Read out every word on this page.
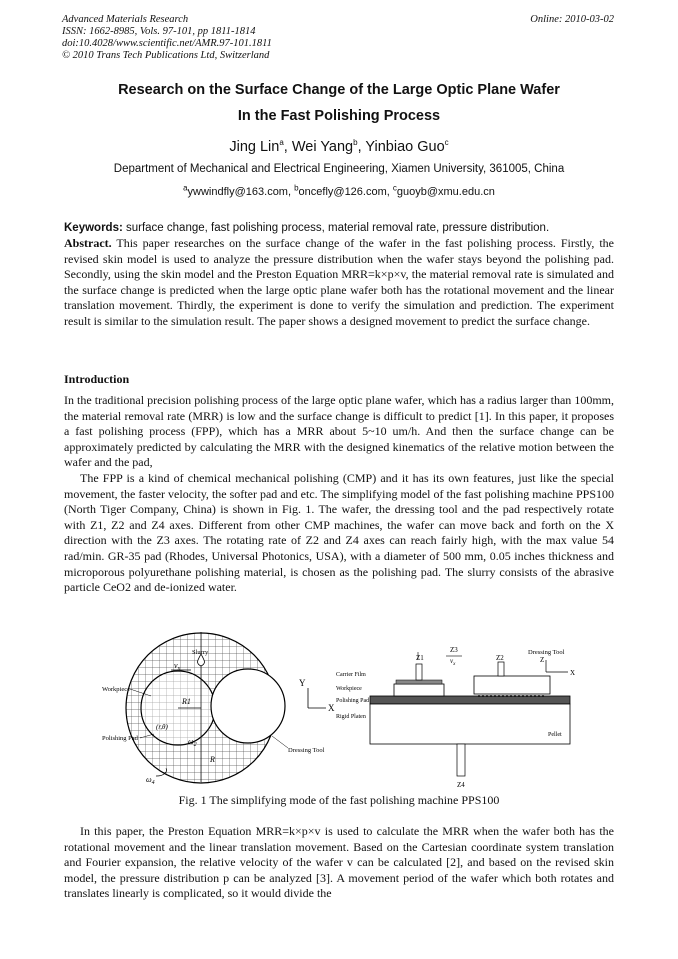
Advanced Materials Research
ISSN: 1662-8985, Vols. 97-101, pp 1811-1814
doi:10.4028/www.scientific.net/AMR.97-101.1811
© 2010 Trans Tech Publications Ltd, Switzerland
Online: 2010-03-02
Research on the Surface Change of the Large Optic Plane Wafer
In the Fast Polishing Process
Jing Lin$^a$, Wei Yang$^b$, Yinbiao Guo$^c$
Department of Mechanical and Electrical Engineering, Xiamen University, 361005, China
$^a$ywwindfly@163.com, $^b$oncefly@126.com, $^c$guoyb@xmu.edu.cn
Keywords: surface change, fast polishing process, material removal rate, pressure distribution.
Abstract. This paper researches on the surface change of the wafer in the fast polishing process. Firstly, the revised skin model is used to analyze the pressure distribution when the wafer stays beyond the polishing pad. Secondly, using the skin model and the Preston Equation MRR=k×p×v, the material removal rate is simulated and the surface change is predicted when the large optic plane wafer both has the rotational movement and the linear translation movement. Thirdly, the experiment is done to verify the simulation and prediction. The experiment result is similar to the simulation result. The paper shows a designed movement to predict the surface change.
Introduction
In the traditional precision polishing process of the large optic plane wafer, which has a radius larger than 100mm, the material removal rate (MRR) is low and the surface change is difficult to predict [1]. In this paper, it proposes a fast polishing process (FPP), which has a MRR about 5~10 um/h. And then the surface change can be approximately predicted by calculating the MRR with the designed kinematics of the relative motion between the wafer and the pad,
The FPP is a kind of chemical mechanical polishing (CMP) and it has its own features, just like the special movement, the faster velocity, the softer pad and etc. The simplifying model of the fast polishing machine PPS100 (North Tiger Company, China) is shown in Fig. 1. The wafer, the dressing tool and the pad respectively rotate with Z1, Z2 and Z4 axes. Different from other CMP machines, the wafer can move back and forth on the X direction with the Z3 axes. The rotating rate of Z2 and Z4 axes can reach fairly high, with the max value 54 rad/min. GR-35 pad (Rhodes, Universal Photonics, USA), with a diameter of 500 mm, 0.05 inches thickness and microporous polyurethane polishing material, is chosen as the polishing pad. The slurry consists of the abrasive particle CeO2 and de-ionized water.
Y
X
Slurry
Workpiece
Polishing Pad
Dressing Tool
$v_x$
R1
(r,θ)
$\omega_2$
R
$\omega_4$
Z3
$v_x$
Z1	Z2
Z4
Dressing Tool
Z
X
Carrier Film
Workpiece
Polishing Pad
Rigid Platen
Pellet
Fig. 1 The simplifying mode of the fast polishing machine PPS100
In this paper, the Preston Equation MRR=k×p×v is used to calculate the MRR when the wafer both has the rotational movement and the linear translation movement. Based on the Cartesian coordinate system translation and Fourier expansion, the relative velocity of the wafer v can be calculated [2], and based on the revised skin model, the pressure distribution p can be analyzed [3]. A movement period of the wafer which both rotates and translates linearly is complicated, so it would divide the
